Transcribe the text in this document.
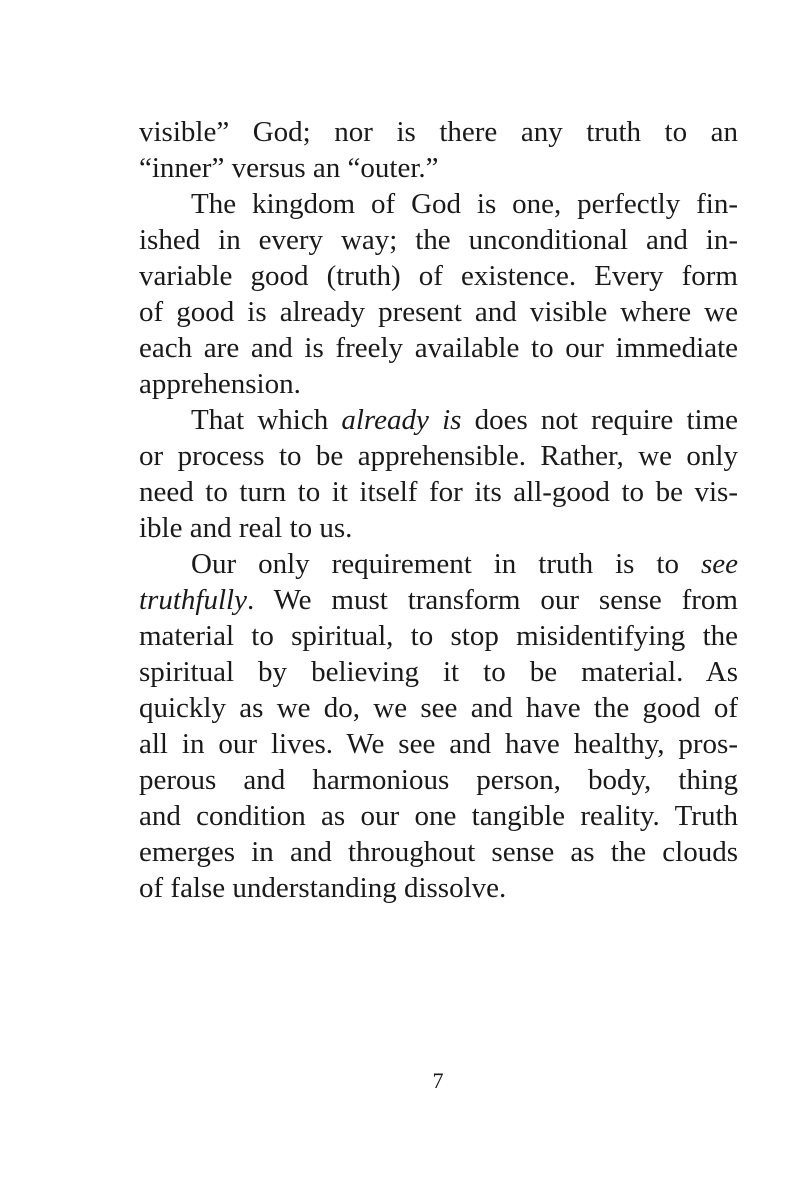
visible” God; nor is there any truth to an
“inner” versus an “outer.”
The kingdom of God is one, perfectly fin-
ished in every way; the unconditional and in-
variable good (truth) of existence. Every form
of good is already present and visible where we
each are and is freely available to our immediate
apprehension.
That which already is does not require time
or process to be apprehensible. Rather, we only
need to turn to it itself for its all-good to be vis-
ible and real to us.
Our only requirement in truth is to see
truthfully. We must transform our sense from
material to spiritual, to stop misidentifying the
spiritual by believing it to be material. As
quickly as we do, we see and have the good of
all in our lives. We see and have healthy, pros-
perous and harmonious person, body, thing
and condition as our one tangible reality. Truth
emerges in and throughout sense as the clouds
of false understanding dissolve.
7
